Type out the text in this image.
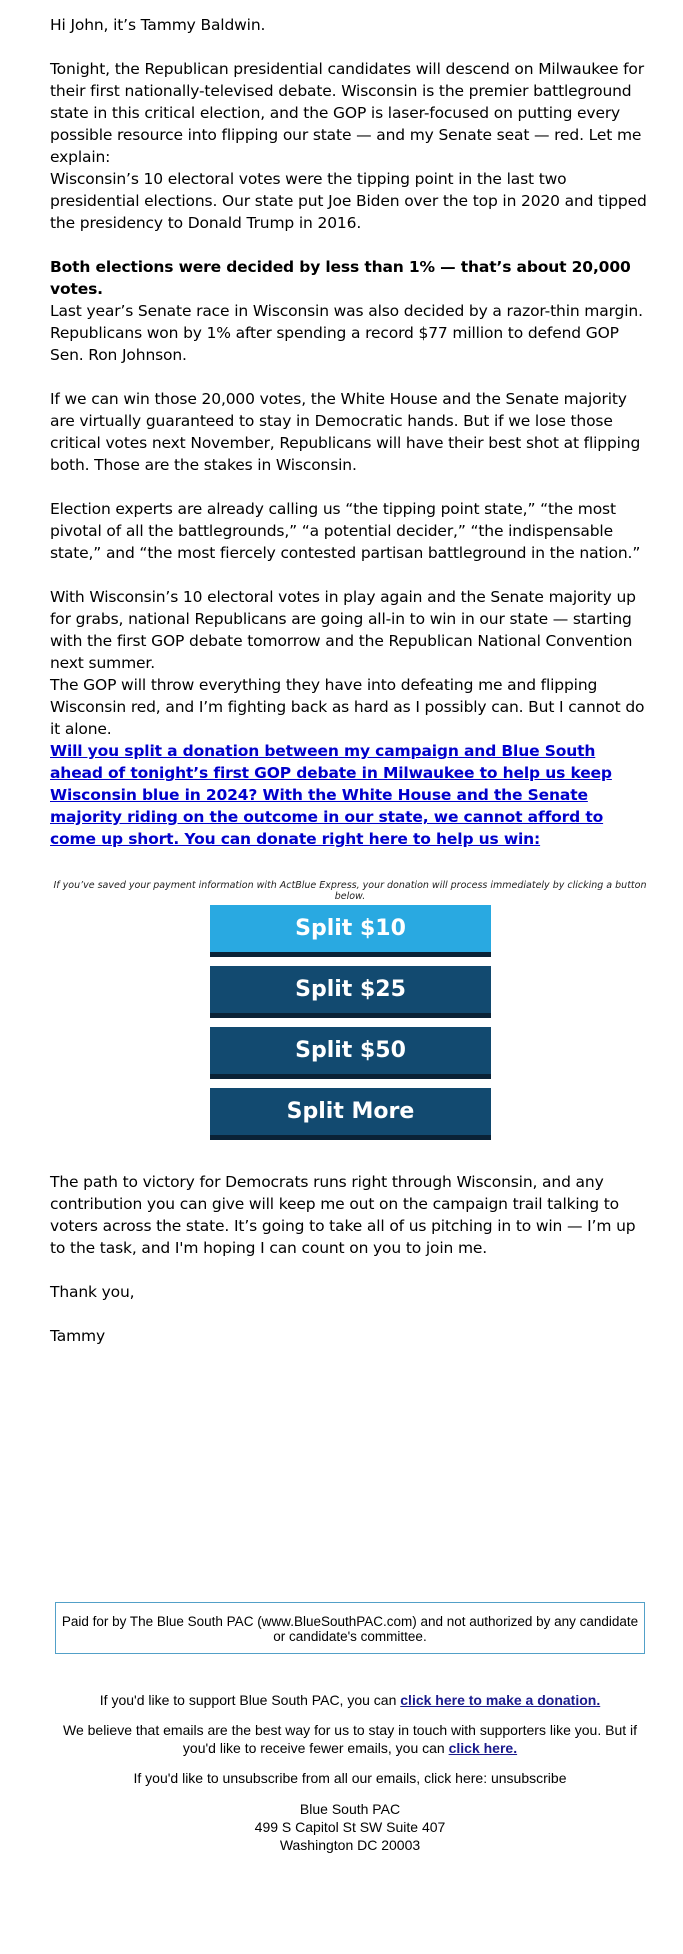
Hi John, it’s Tammy Baldwin.

Tonight, the Republican presidential candidates will descend on Milwaukee for their first nationally-televised debate. Wisconsin is the premier battleground state in this critical election, and the GOP is laser-focused on putting every possible resource into flipping our state — and my Senate seat — red. Let me explain:

Wisconsin’s 10 electoral votes were the tipping point in the last two presidential elections. Our state put Joe Biden over the top in 2020 and tipped the presidency to Donald Trump in 2016.

Both elections were decided by less than 1% — that’s about 20,000 votes.

Last year’s Senate race in Wisconsin was also decided by a razor-thin margin. Republicans won by 1% after spending a record $77 million to defend GOP Sen. Ron Johnson.

If we can win those 20,000 votes, the White House and the Senate majority are virtually guaranteed to stay in Democratic hands. But if we lose those critical votes next November, Republicans will have their best shot at flipping both. Those are the stakes in Wisconsin.

Election experts are already calling us “the tipping point state,” “the most pivotal of all the battlegrounds,” “a potential decider,” “the indispensable state,” and “the most fiercely contested partisan battleground in the nation.”

With Wisconsin’s 10 electoral votes in play again and the Senate majority up for grabs, national Republicans are going all-in to win in our state — starting with the first GOP debate tomorrow and the Republican National Convention next summer.

The GOP will throw everything they have into defeating me and flipping Wisconsin red, and I’m fighting back as hard as I possibly can. But I cannot do it alone.

Will you split a donation between my campaign and Blue South ahead of tonight’s first GOP debate in Milwaukee to help us keep Wisconsin blue in 2024? With the White House and the Senate majority riding on the outcome in our state, we cannot afford to come up short. You can donate right here to help us win:

If you’ve saved your payment information with ActBlue Express, your donation will process immediately by clicking a button below.
Split $10
Split $25
Split $50
Split More

The path to victory for Democrats runs right through Wisconsin, and any contribution you can give will keep me out on the campaign trail talking to voters across the state. It’s going to take all of us pitching in to win — I’m up to the task, and I'm hoping I can count on you to join me.

Thank you,

Tammy

Paid for by The Blue South PAC (www.BlueSouthPAC.com) and not authorized by any candidate or candidate's committee.
If you'd like to support Blue South PAC, you can click here to make a donation.
We believe that emails are the best way for us to stay in touch with supporters like you. But if you'd like to receive fewer emails, you can click here.
If you'd like to unsubscribe from all our emails, click here: unsubscribe
Blue South PAC
499 S Capitol St SW Suite 407
Washington DC 20003
